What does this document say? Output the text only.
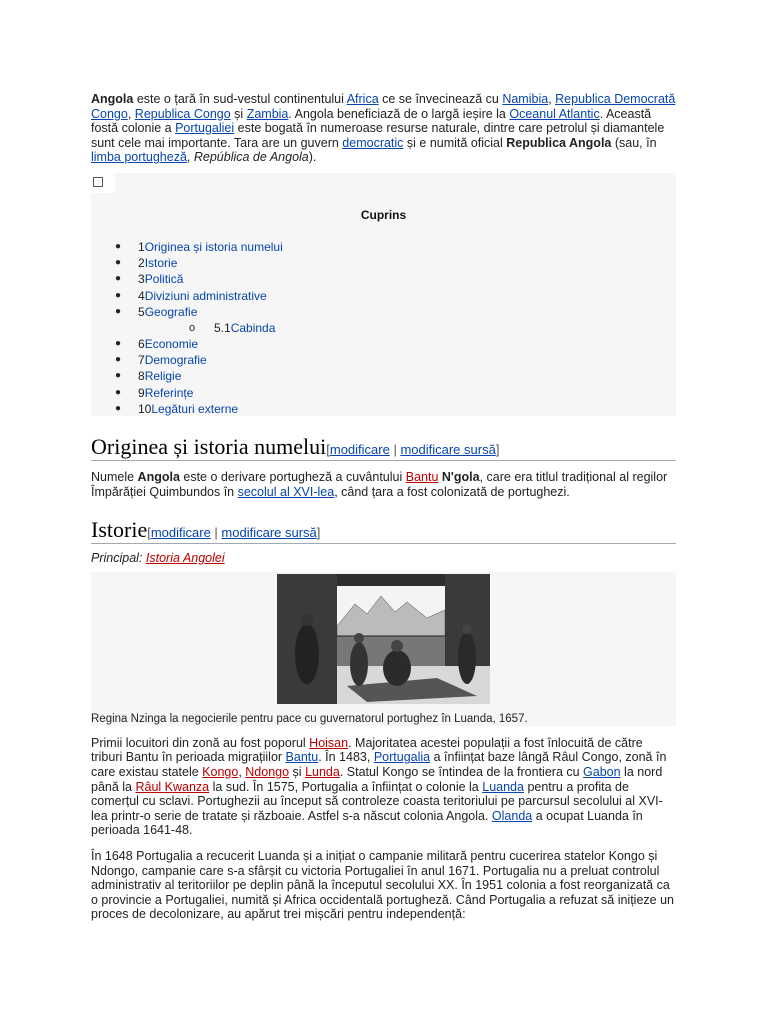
Angola este o țară în sud-vestul continentului Africa ce se învecinează cu Namibia, Republica Democrată Congo, Republica Congo și Zambia. Angola beneficiază de o largă ieșire la Oceanul Atlantic. Această fostă colonie a Portugaliei este bogată în numeroase resurse naturale, dintre care petrolul și diamantele sunt cele mai importante. Tara are un guvern democratic și e numită oficial Republica Angola (sau, în limba portugheză, República de Angola).

Cuprins
● 1Originea și istoria numelui
● 2Istorie
● 3Politică
● 4Diviziuni administrative
● 5Geografie
o 5.1Cabinda
● 6Economie
● 7Demografie
● 8Religie
● 9Referințe
● 10Legături externe
Originea și istoria numelui[modificare | modificare sursă]

Numele Angola este o derivare portugheză a cuvântului Bantu N'gola, care era titlul tradițional al regilor Împărăției Quimbundos în secolul al XVI-lea, când țara a fost colonizată de portughezi.

Istorie[modificare | modificare sursă]

Principal: Istoria Angolei

Regina Nzinga la negocierile pentru pace cu guvernatorul portughez în Luanda, 1657.

Primii locuitori din zonă au fost poporul Hoisan. Majoritatea acestei populații a fost înlocuită de către triburi Bantu în perioada migrațiilor Bantu. În 1483, Portugalia a înființat baze lângă Râul Congo, zonă în care existau statele Kongo, Ndongo și Lunda. Statul Kongo se întindea de la frontiera cu Gabon la nord până la Râul Kwanza la sud. În 1575, Portugalia a înființat o colonie la Luanda pentru a profita de comerțul cu sclavi. Portughezii au început să controleze coasta teritoriului pe parcursul secolului al XVI-lea printr-o serie de tratate și războaie. Astfel s-a născut colonia Angola. Olanda a ocupat Luanda în perioada 1641-48.

În 1648 Portugalia a recucerit Luanda și a inițiat o campanie militară pentru cucerirea statelor Kongo și Ndongo, campanie care s-a sfârșit cu victoria Portugaliei în anul 1671. Portugalia nu a preluat controlul administrativ al teritoriilor pe deplin până la începutul secolului XX. În 1951 colonia a fost reorganizată ca o provincie a Portugaliei, numită și Africa occidentală portugheză. Când Portugalia a refuzat să inițieze un proces de decolonizare, au apărut trei mișcări pentru independență:
